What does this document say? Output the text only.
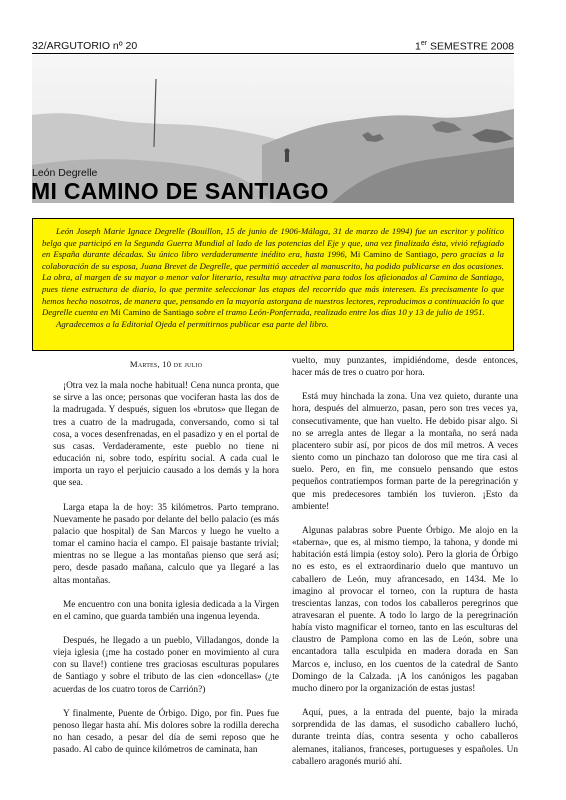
32/ARGUTORIO nº 20	1er SEMESTRE 2008
León Degrelle
MI CAMINO DE SANTIAGO

León Joseph Marie Ignace Degrelle (Bouillon, 15 de junio de 1906-Málaga, 31 de marzo de 1994) fue un escritor y político belga que participó en la Segunda Guerra Mundial al lado de las potencias del Eje y que, una vez finalizada ésta, vivió refugiado en España durante décadas. Su único libro verdaderamente inédito era, hasta 1996, Mi Camino de Santiago, pero gracias a la colaboración de su esposa, Juana Brevet de Degrelle, que permitió acceder al manuscrito, ha podido publicarse en dos ocasiones. La obra, al margen de su mayor o menor valor literario, resulta muy atractiva para todos los aficionados al Camino de Santiago, pues tiene estructura de diario, lo que permite seleccionar las etapas del recorrido que más interesen. Es precisamente lo que hemos hecho nosotros, de manera que, pensando en la mayoría astorgana de nuestros lectores, reproducimos a continuación lo que Degrelle cuenta en Mi Camino de Santiago sobre el tramo León-Ponferrada, realizado entre los días 10 y 13 de julio de 1951.

Agradecemos a la Editorial Ojeda el permitirnos publicar esa parte del libro.

Martes, 10 de julio

¡Otra vez la mala noche habitual! Cena nunca pronta, que se sirve a las once; personas que vociferan hasta las dos de la madrugada. Y después, siguen los «brutos» que llegan de tres a cuatro de la madrugada, conversando, como si tal cosa, a voces desenfrenadas, en el pasadizo y en el portal de sus casas. Verdaderamente, este pueblo no tiene ni educación ni, sobre todo, espíritu social. A cada cual le importa un rayo el perjuicio causado a los demás y la hora que sea.

Larga etapa la de hoy: 35 kilómetros. Parto temprano. Nuevamente he pasado por delante del bello palacio (es más palacio que hospital) de San Marcos y luego he vuelto a tomar el camino hacia el campo. El paisaje bastante trivial; mientras no se llegue a las montañas pienso que será así; pero, desde pasado mañana, calculo que ya llegaré a las altas montañas.

Me encuentro con una bonita iglesia dedicada a la Virgen en el camino, que guarda también una ingenua leyenda.

Después, he llegado a un pueblo, Villadangos, donde la vieja iglesia (¡me ha costado poner en movimiento al cura con su llave!) contiene tres graciosas esculturas populares de Santiago y sobre el tributo de las cien «doncellas» (¿te acuerdas de los cuatro toros de Carrión?)

Y finalmente, Puente de Órbigo. Digo, por fin. Pues fue penoso llegar hasta ahí. Mis dolores sobre la rodilla derecha no han cesado, a pesar del día de semi reposo que he pasado. Al cabo de quince kilómetros de caminata, han

vuelto, muy punzantes, impidiéndome, desde entonces, hacer más de tres o cuatro por hora.

Está muy hinchada la zona. Una vez quieto, durante una hora, después del almuerzo, pasan, pero son tres veces ya, consecutivamente, que han vuelto. He debido pisar algo. Si no se arregla antes de llegar a la montaña, no será nada placentero subir así, por picos de dos mil metros. A veces siento como un pinchazo tan doloroso que me tira casi al suelo. Pero, en fin, me consuelo pensando que estos pequeños contratiempos forman parte de la peregrinación y que mis predecesores también los tuvieron. ¡Esto da ambiente!

Algunas palabras sobre Puente Órbigo. Me alojo en la «taberna», que es, al mismo tiempo, la tahona, y donde mi habitación está limpia (estoy solo). Pero la gloria de Órbigo no es esto, es el extraordinario duelo que mantuvo un caballero de León, muy afrancesado, en 1434. Me lo imagino al provocar el torneo, con la ruptura de hasta trescientas lanzas, con todos los caballeros peregrinos que atravesaran el puente. A todo lo largo de la peregrinación había visto magnificar el torneo, tanto en las esculturas del claustro de Pamplona como en las de León, sobre una encantadora talla esculpida en madera dorada en San Marcos e, incluso, en los cuentos de la catedral de Santo Domingo de la Calzada. ¡A los canónigos les pagaban mucho dinero por la organización de estas justas!

Aquí, pues, a la entrada del puente, bajo la mirada sorprendida de las damas, el susodicho caballero luchó, durante treinta días, contra sesenta y ocho caballeros alemanes, italianos, franceses, portugueses y españoles. Un caballero aragonés murió ahí.
